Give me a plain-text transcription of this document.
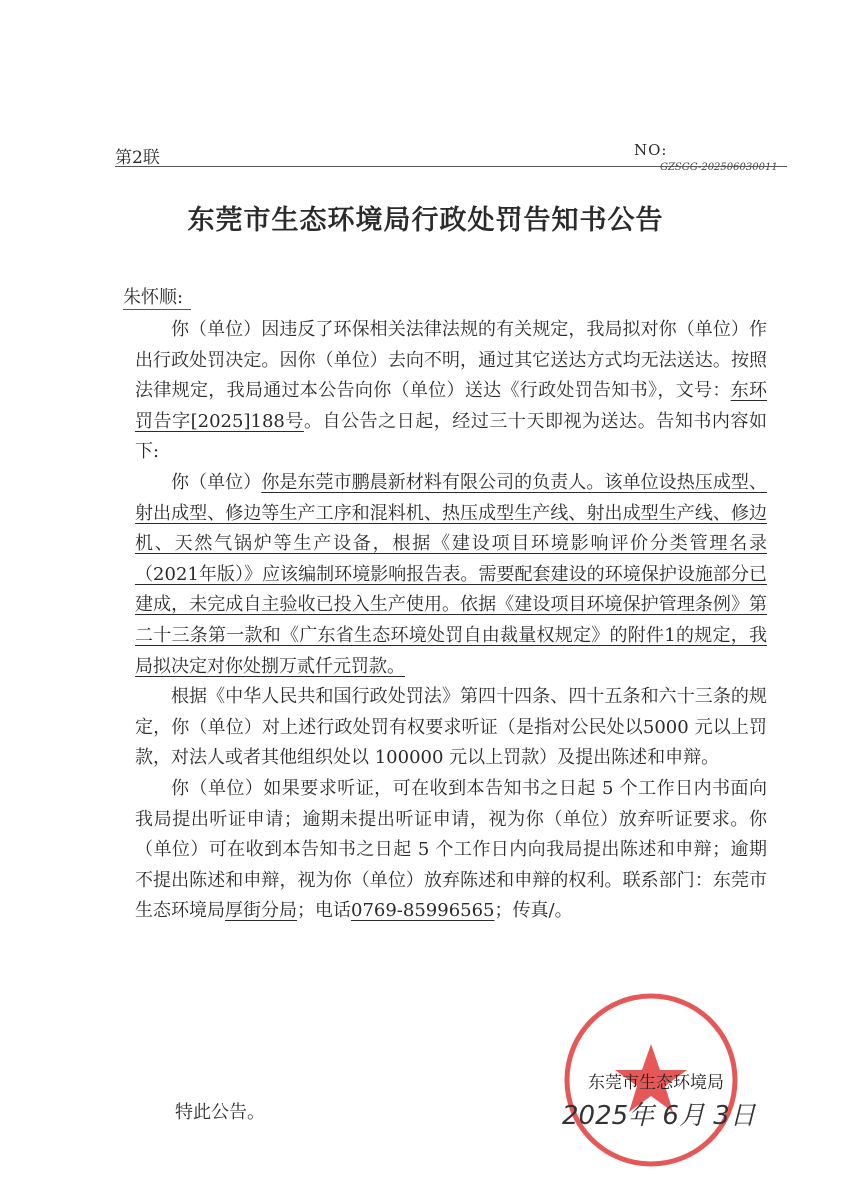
第2联	NO:
GZSGG-202506030011
东莞市生态环境局行政处罚告知书公告
朱怀顺:

你（单位）因违反了环保相关法律法规的有关规定，我局拟对你（单位）作出行政处罚决定。因你（单位）去向不明，通过其它送达方式均无法送达。按照法律规定，我局通过本公告向你（单位）送达《行政处罚告知书》，文号：东环罚告字[2025]188号。自公告之日起，经过三十天即视为送达。告知书内容如下:

你（单位）你是东莞市鹏晨新材料有限公司的负责人。该单位设热压成型、射出成型、修边等生产工序和混料机、热压成型生产线、射出成型生产线、修边机、天然气锅炉等生产设备，根据《建设项目环境影响评价分类管理名录（2021年版）》应该编制环境影响报告表。需要配套建设的环境保护设施部分已建成，未完成自主验收已投入生产使用。依据《建设项目环境保护管理条例》第二十三条第一款和《广东省生态环境处罚自由裁量权规定》的附件1的规定，我局拟决定对你处捌万贰仟元罚款。

根据《中华人民共和国行政处罚法》第四十四条、四十五条和六十三条的规定，你（单位）对上述行政处罚有权要求听证（是指对公民处以5000 元以上罚款，对法人或者其他组织处以 100000 元以上罚款）及提出陈述和申辩。

你（单位）如果要求听证，可在收到本告知书之日起 5 个工作日内书面向我局提出听证申请；逾期未提出听证申请，视为你（单位）放弃听证要求。你（单位）可在收到本告知书之日起 5 个工作日内向我局提出陈述和申辩；逾期不提出陈述和申辩，视为你（单位）放弃陈述和申辩的权利。联系部门：东莞市生态环境局厚街分局；电话0769-85996565；传真/。

特此公告。
东莞市生态环境局
2025年 6月 3日
